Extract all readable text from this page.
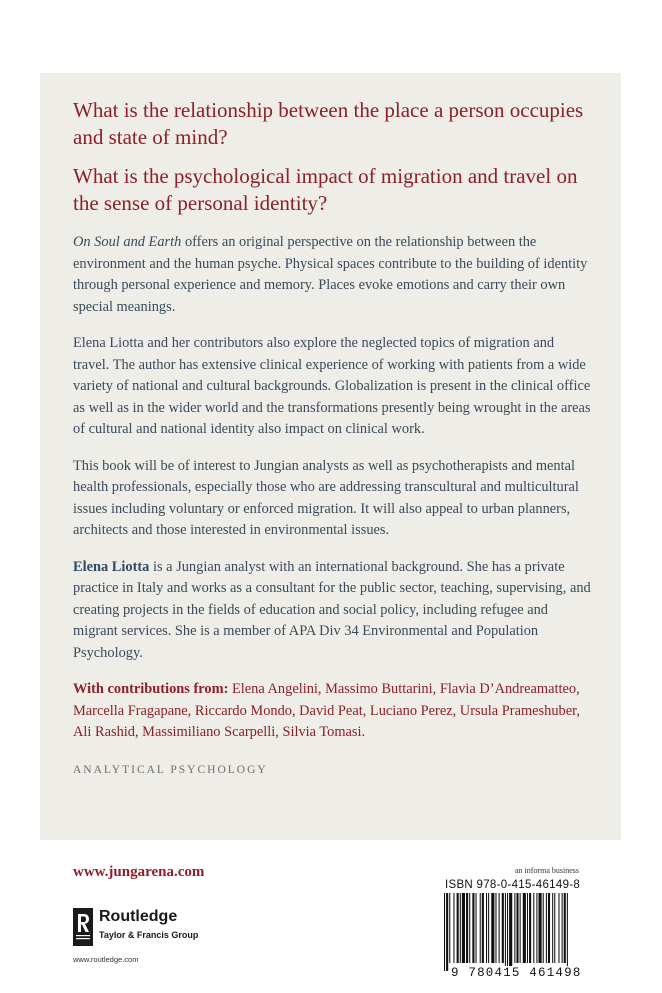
What is the relationship between the place a person occupies and state of mind?

What is the psychological impact of migration and travel on the sense of personal identity?

On Soul and Earth offers an original perspective on the relationship between the environment and the human psyche. Physical spaces contribute to the building of identity through personal experience and memory. Places evoke emotions and carry their own special meanings.

Elena Liotta and her contributors also explore the neglected topics of migration and travel. The author has extensive clinical experience of working with patients from a wide variety of national and cultural backgrounds. Globalization is present in the clinical office as well as in the wider world and the transformations presently being wrought in the areas of cultural and national identity also impact on clinical work.

This book will be of interest to Jungian analysts as well as psychotherapists and mental health professionals, especially those who are addressing transcultural and multicultural issues including voluntary or enforced migration. It will also appeal to urban planners, architects and those interested in environmental issues.

Elena Liotta is a Jungian analyst with an international background. She has a private practice in Italy and works as a consultant for the public sector, teaching, supervising, and creating projects in the fields of education and social policy, including refugee and migrant services. She is a member of APA Div 34 Environmental and Population Psychology.

With contributions from: Elena Angelini, Massimo Buttarini, Flavia D’Andreamatteo, Marcella Fragapane, Riccardo Mondo, David Peat, Luciano Perez, Ursula Prameshuber, Ali Rashid, Massimiliano Scarpelli, Silvia Tomasi.

ANALYTICAL PSYCHOLOGY
www.jungarena.com
Routledge
Taylor & Francis Group
www.routledge.com
an informa business
ISBN 978-0-415-46149-8
9 780415 461498
